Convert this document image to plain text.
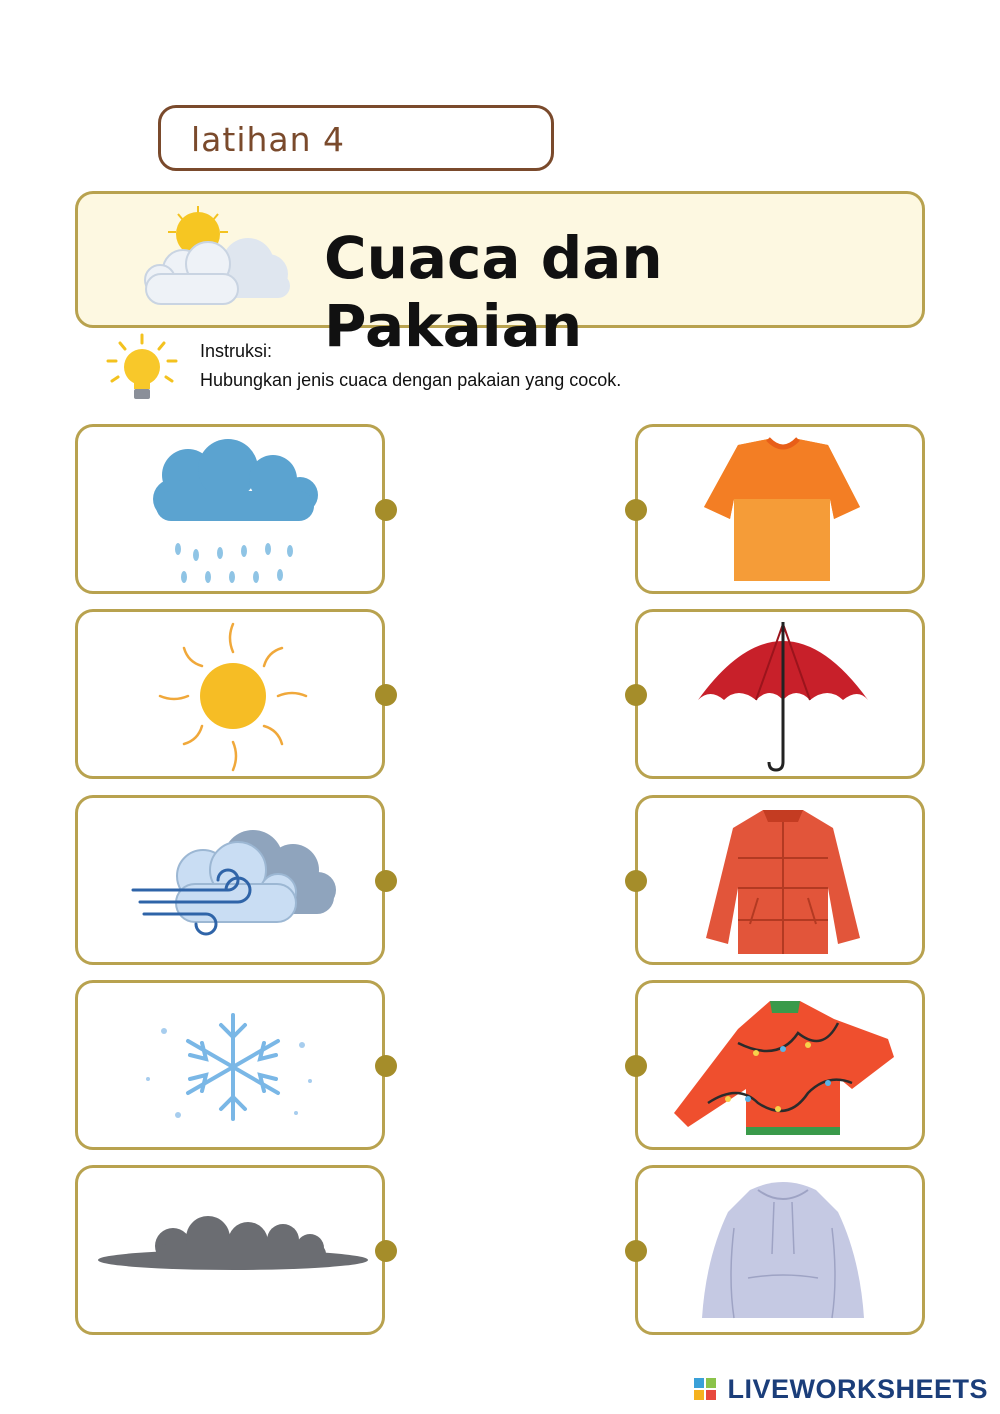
latihan 4
Cuaca dan Pakaian
Instruksi:
Hubungkan jenis cuaca dengan pakaian yang cocok.
LIVEWORKSHEETS
